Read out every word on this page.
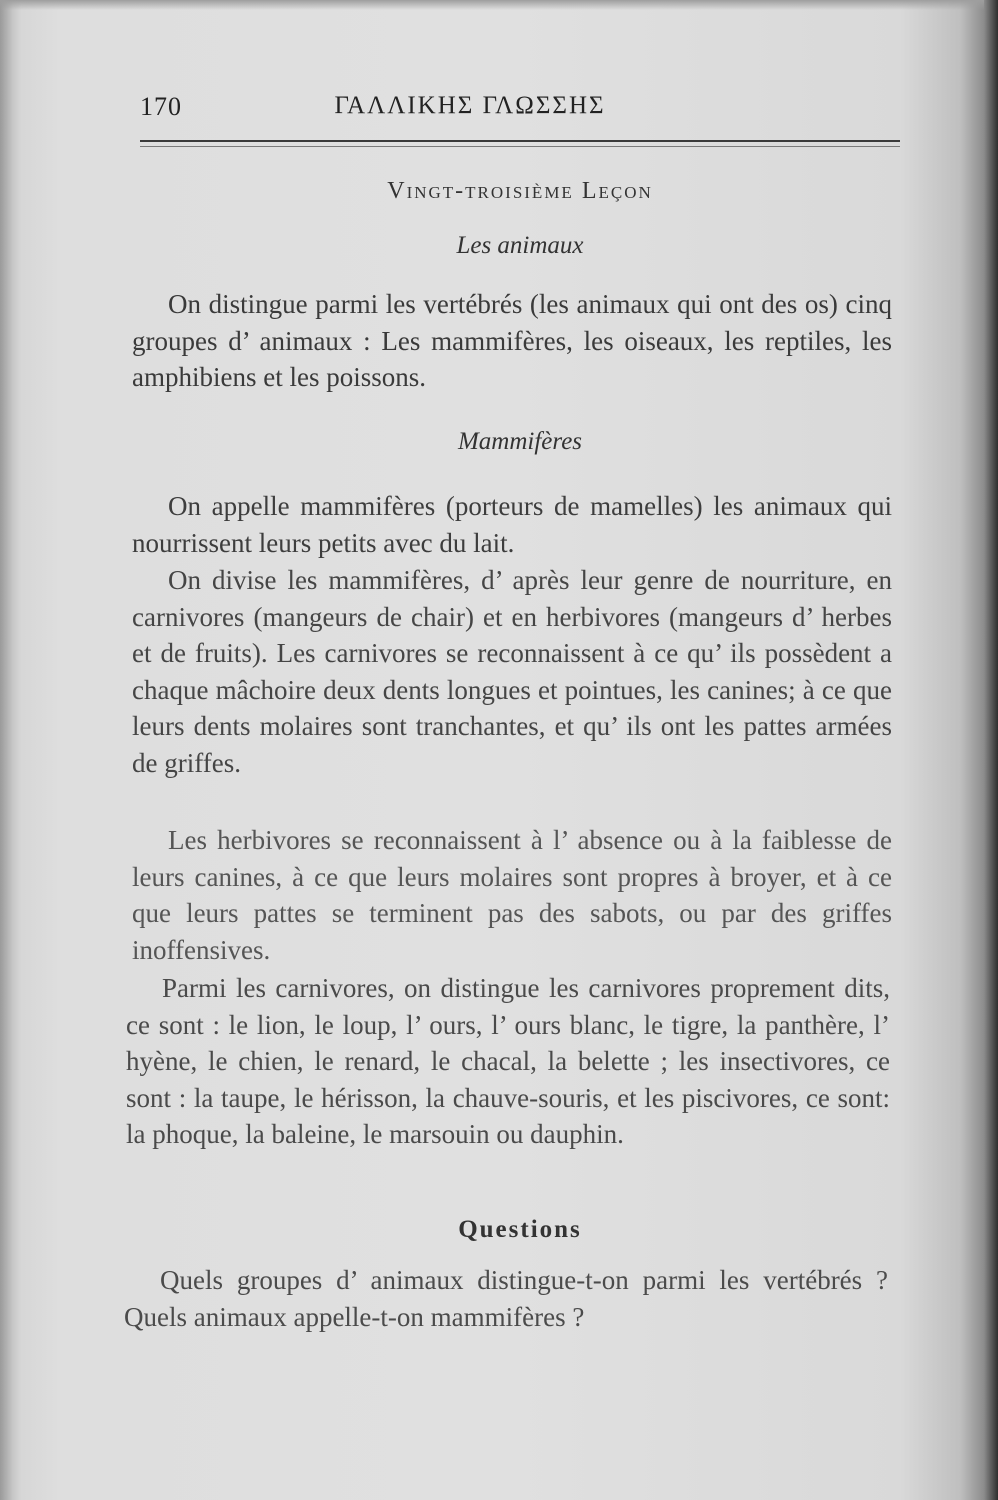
170	ΓΑΛΛΙΚΗΣ ΓΛΩΣΣΗΣ
Vingt-troisième Leçon
Les animaux

On distingue parmi les vertébrés (les animaux qui ont des os) cinq groupes d’ animaux : Les mammifères, les oiseaux, les reptiles, les amphibiens et les poissons.

Mammifères

On appelle mammifères (porteurs de mamelles) les animaux qui nourrissent leurs petits avec du lait.

On divise les mammifères, d’ après leur genre de nourriture, en carnivores (mangeurs de chair) et en herbivores (mangeurs d’ herbes et de fruits). Les carnivores se reconnaissent à ce qu’ ils possèdent a chaque mâchoire deux dents longues et pointues, les canines; à ce que leurs dents molaires sont tranchantes, et qu’ ils ont les pattes armées de griffes.

Les herbivores se reconnaissent à l’ absence ou à la faiblesse de leurs canines, à ce que leurs molaires sont propres à broyer, et à ce que leurs pattes se terminent pas des sabots, ou par des griffes inoffensives.

Parmi les carnivores, on distingue les carnivores proprement dits, ce sont : le lion, le loup, l’ ours, l’ ours blanc, le tigre, la panthère, l’ hyène, le chien, le renard, le chacal, la belette ; les insectivores, ce sont : la taupe, le hérisson, la chauve-souris, et les piscivores, ce sont: la phoque, la baleine, le marsouin ou dauphin.

Questions

Quels groupes d’ animaux distingue-t-on parmi les vertébrés ? Quels animaux appelle-t-on mammifères ?
